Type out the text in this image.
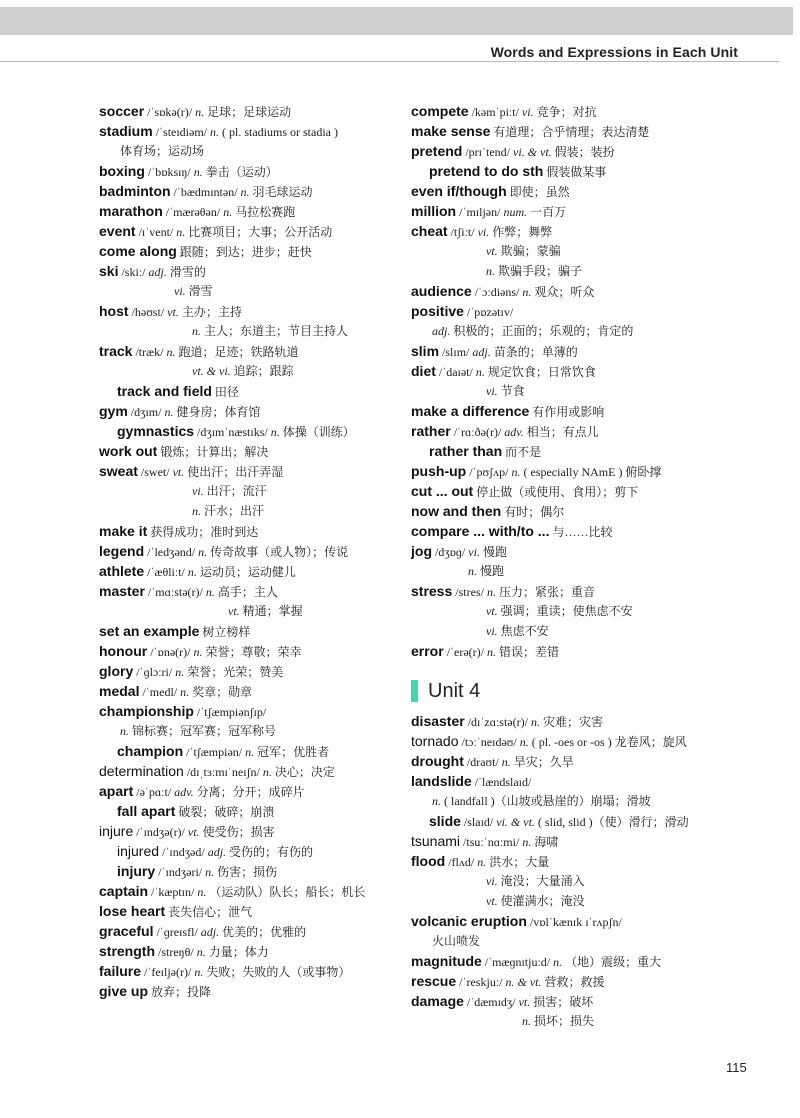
Words and Expressions in Each Unit
soccer /ˈsɒkə(r)/ n. 足球；足球运动
stadium /ˈsteɪdiəm/ n. ( pl. stadiums or stadia )
体育场；运动场
boxing /ˈbɒksɪŋ/ n. 拳击（运动）
badminton /ˈbædmɪntən/ n. 羽毛球运动
marathon /ˈmærəθən/ n. 马拉松赛跑
event /ɪˈvent/ n. 比赛项目；大事；公开活动
come along 跟随；到达；进步；赶快
ski /skiː/ adj. 滑雪的
vi. 滑雪
host /həʊst/ vt. 主办；主持
n. 主人；东道主；节目主持人
track /træk/ n. 跑道；足迹；铁路轨道
vt. & vi. 追踪；跟踪
track and field 田径
gym /dʒɪm/ n. 健身房；体育馆
gymnastics /dʒɪmˈnæstɪks/ n. 体操（训练）
work out 锻炼；计算出；解决
sweat /swet/ vt. 使出汗；出汗弄湿
vi. 出汗；流汗
n. 汗水；出汗
make it 获得成功；准时到达
legend /ˈledʒənd/ n. 传奇故事（或人物）；传说
athlete /ˈæθliːt/ n. 运动员；运动健儿
master /ˈmɑːstə(r)/ n. 高手；主人
vt. 精通；掌握
set an example 树立榜样
honour /ˈɒnə(r)/ n. 荣誉；尊敬；荣幸
glory /ˈɡlɔːri/ n. 荣誉；光荣；赞美
medal /ˈmedl/ n. 奖章；勋章
championship /ˈtʃæmpiənʃɪp/
n. 锦标赛；冠军赛；冠军称号
champion /ˈtʃæmpiən/ n. 冠军；优胜者
determination /dɪˌtɜːmɪˈneɪʃn/ n. 决心；决定
apart /əˈpɑːt/ adv. 分离；分开；成碎片
fall apart 破裂；破碎；崩溃
injure /ˈɪndʒə(r)/ vt. 使受伤；损害
injured /ˈɪndʒəd/ adj. 受伤的；有伤的
injury /ˈɪndʒəri/ n. 伤害；损伤
captain /ˈkæptɪn/ n. （运动队）队长；船长；机长
lose heart 丧失信心；泄气
graceful /ˈɡreɪsfl/ adj. 优美的；优雅的
strength /streŋθ/ n. 力量；体力
failure /ˈfeɪljə(r)/ n. 失败；失败的人（或事物）
give up 放弃；投降
compete /kəmˈpiːt/ vi. 竞争；对抗
make sense 有道理；合乎情理；表达清楚
pretend /prɪˈtend/ vi. & vt. 假装；装扮
pretend to do sth 假装做某事
even if/though 即使；虽然
million /ˈmɪljən/ num. 一百万
cheat /tʃiːt/ vi. 作弊；舞弊
vt. 欺骗；蒙骗
n. 欺骗手段；骗子
audience /ˈɔːdiəns/ n. 观众；听众
positive /ˈpɒzətɪv/
adj. 积极的；正面的；乐观的；肯定的
slim /slɪm/ adj. 苗条的；单薄的
diet /ˈdaɪət/ n. 规定饮食；日常饮食
vi. 节食
make a difference 有作用或影响
rather /ˈrɑːðə(r)/ adv. 相当；有点儿
rather than 而不是
push-up /ˈpʊʃʌp/ n. ( especially NAmE ) 俯卧撑
cut ... out 停止做（或使用、食用）；剪下
now and then 有时；偶尔
compare ... with/to ... 与……比较
jog /dʒɒɡ/ vi. 慢跑
n. 慢跑
stress /stres/ n. 压力；紧张；重音
vt. 强调；重读；使焦虑不安
vi. 焦虑不安
error /ˈerə(r)/ n. 错误；差错
Unit 4
disaster /dɪˈzɑːstə(r)/ n. 灾难；灾害
tornado /tɔːˈneɪdəʊ/ n. ( pl. -oes or -os ) 龙卷风；旋风
drought /draʊt/ n. 旱灾；久旱
landslide /ˈlændslaɪd/
n. ( landfall )（山坡或悬崖的）崩塌；滑坡
slide /slaɪd/ vi. & vt. ( slid, slid )（使）滑行；滑动
tsunami /tsuːˈnɑːmi/ n. 海啸
flood /flʌd/ n. 洪水；大量
vi. 淹没；大量涌入
vt. 使灌满水；淹没
volcanic eruption /vɒlˈkænɪk ɪˈrʌpʃn/
火山喷发
magnitude /ˈmæɡnɪtjuːd/ n. （地）震级；重大
rescue /ˈreskjuː/ n. & vt. 营救；救援
damage /ˈdæmɪdʒ/ vt. 损害；破坏
n. 损坏；损失
115
